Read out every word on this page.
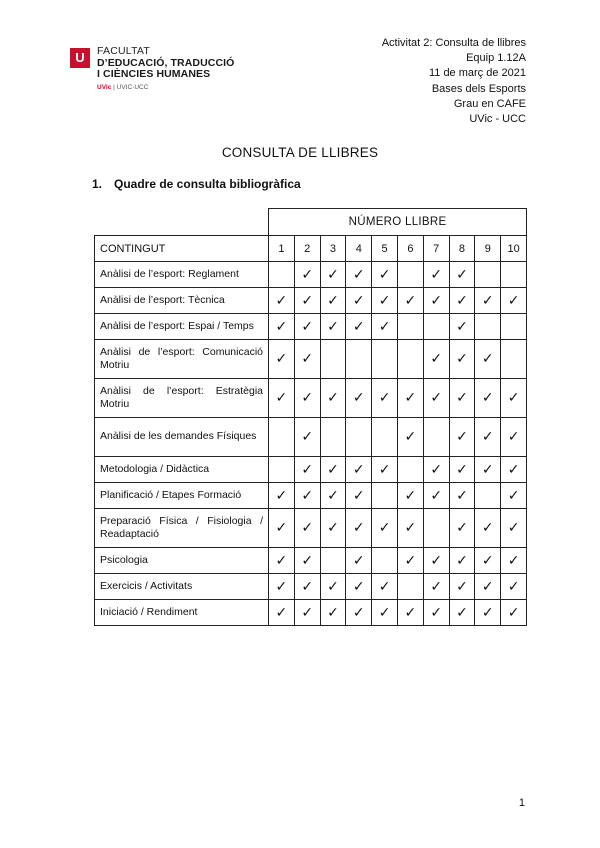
U	FACULTAT
D’EDUCACIÓ, TRADUCCIÓ
I CIÈNCIES HUMANES
UVic | UVIC·UCC
Activitat 2: Consulta de llibres
Equip 1.12A
11 de març de 2021
Bases dels Esports
Grau en CAFE
UVic - UCC
CONSULTA DE LLIBRES
1. Quadre de consulta bibliogràfica
	NÚMERO LLIBRE									
CONTINGUT	1	2	3	4	5	6	7	8	9	10
Anàlisi de l’esport: Reglament		✓	✓	✓	✓		✓	✓		
Anàlisi de l’esport: Tècnica	✓	✓	✓	✓	✓	✓	✓	✓	✓	✓
Anàlisi de l’esport: Espai / Temps	✓	✓	✓	✓	✓			✓		
Anàlisi de l’esport: Comunicació Motriu	✓	✓					✓	✓	✓	
Anàlisi de l’esport: Estratègia Motriu	✓	✓	✓	✓	✓	✓	✓	✓	✓	✓
Anàlisi de les demandes Físiques		✓				✓		✓	✓	✓
Metodologia / Didàctica		✓	✓	✓	✓		✓	✓	✓	✓
Planificació / Etapes Formació	✓	✓	✓	✓		✓	✓	✓		✓
Preparació Física / Fisiologia / Readaptació	✓	✓	✓	✓	✓	✓		✓	✓	✓
Psicologia	✓	✓		✓		✓	✓	✓	✓	✓
Exercicis / Activitats	✓	✓	✓	✓	✓		✓	✓	✓	✓
Iniciació / Rendiment	✓	✓	✓	✓	✓	✓	✓	✓	✓	✓
1
